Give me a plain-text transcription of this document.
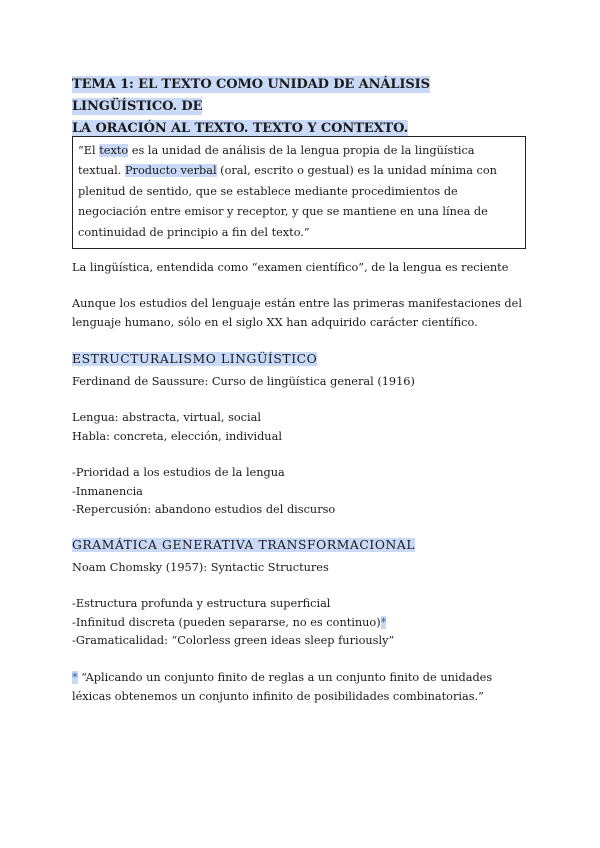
TEMA 1: EL TEXTO COMO UNIDAD DE ANÁLISIS LINGÜÍSTICO. DE
LA ORACIÓN AL TEXTO. TEXTO Y CONTEXTO.
“El texto es la unidad de análisis de la lengua propia de la lingüística textual. Producto verbal (oral, escrito o gestual) es la unidad mínima con plenitud de sentido, que se establece mediante procedimientos de negociación entre emisor y receptor, y que se mantiene en una línea de continuidad de principio a fin del texto.”

La lingüística, entendida como “examen científico”, de la lengua es reciente

Aunque los estudios del lenguaje están entre las primeras manifestaciones del lenguaje humano, sólo en el siglo XX han adquirido carácter científico.

ESTRUCTURALISMO LINGÜÍSTICO

Ferdinand de Saussure: Curso de lingüística general (1916)

Lengua: abstracta, virtual, social

Habla: concreta, elección, individual

-Prioridad a los estudios de la lengua

-Inmanencia

-Repercusión: abandono estudios del discurso

GRAMÁTICA GENERATIVA TRANSFORMACIONAL

Noam Chomsky (1957): Syntactic Structures

-Estructura profunda y estructura superficial

-Infinitud discreta (pueden separarse, no es continuo)*

-Gramaticalidad: “Colorless green ideas sleep furiously”

* “Aplicando un conjunto finito de reglas a un conjunto finito de unidades léxicas obtenemos un conjunto infinito de posibilidades combinatorias.”
